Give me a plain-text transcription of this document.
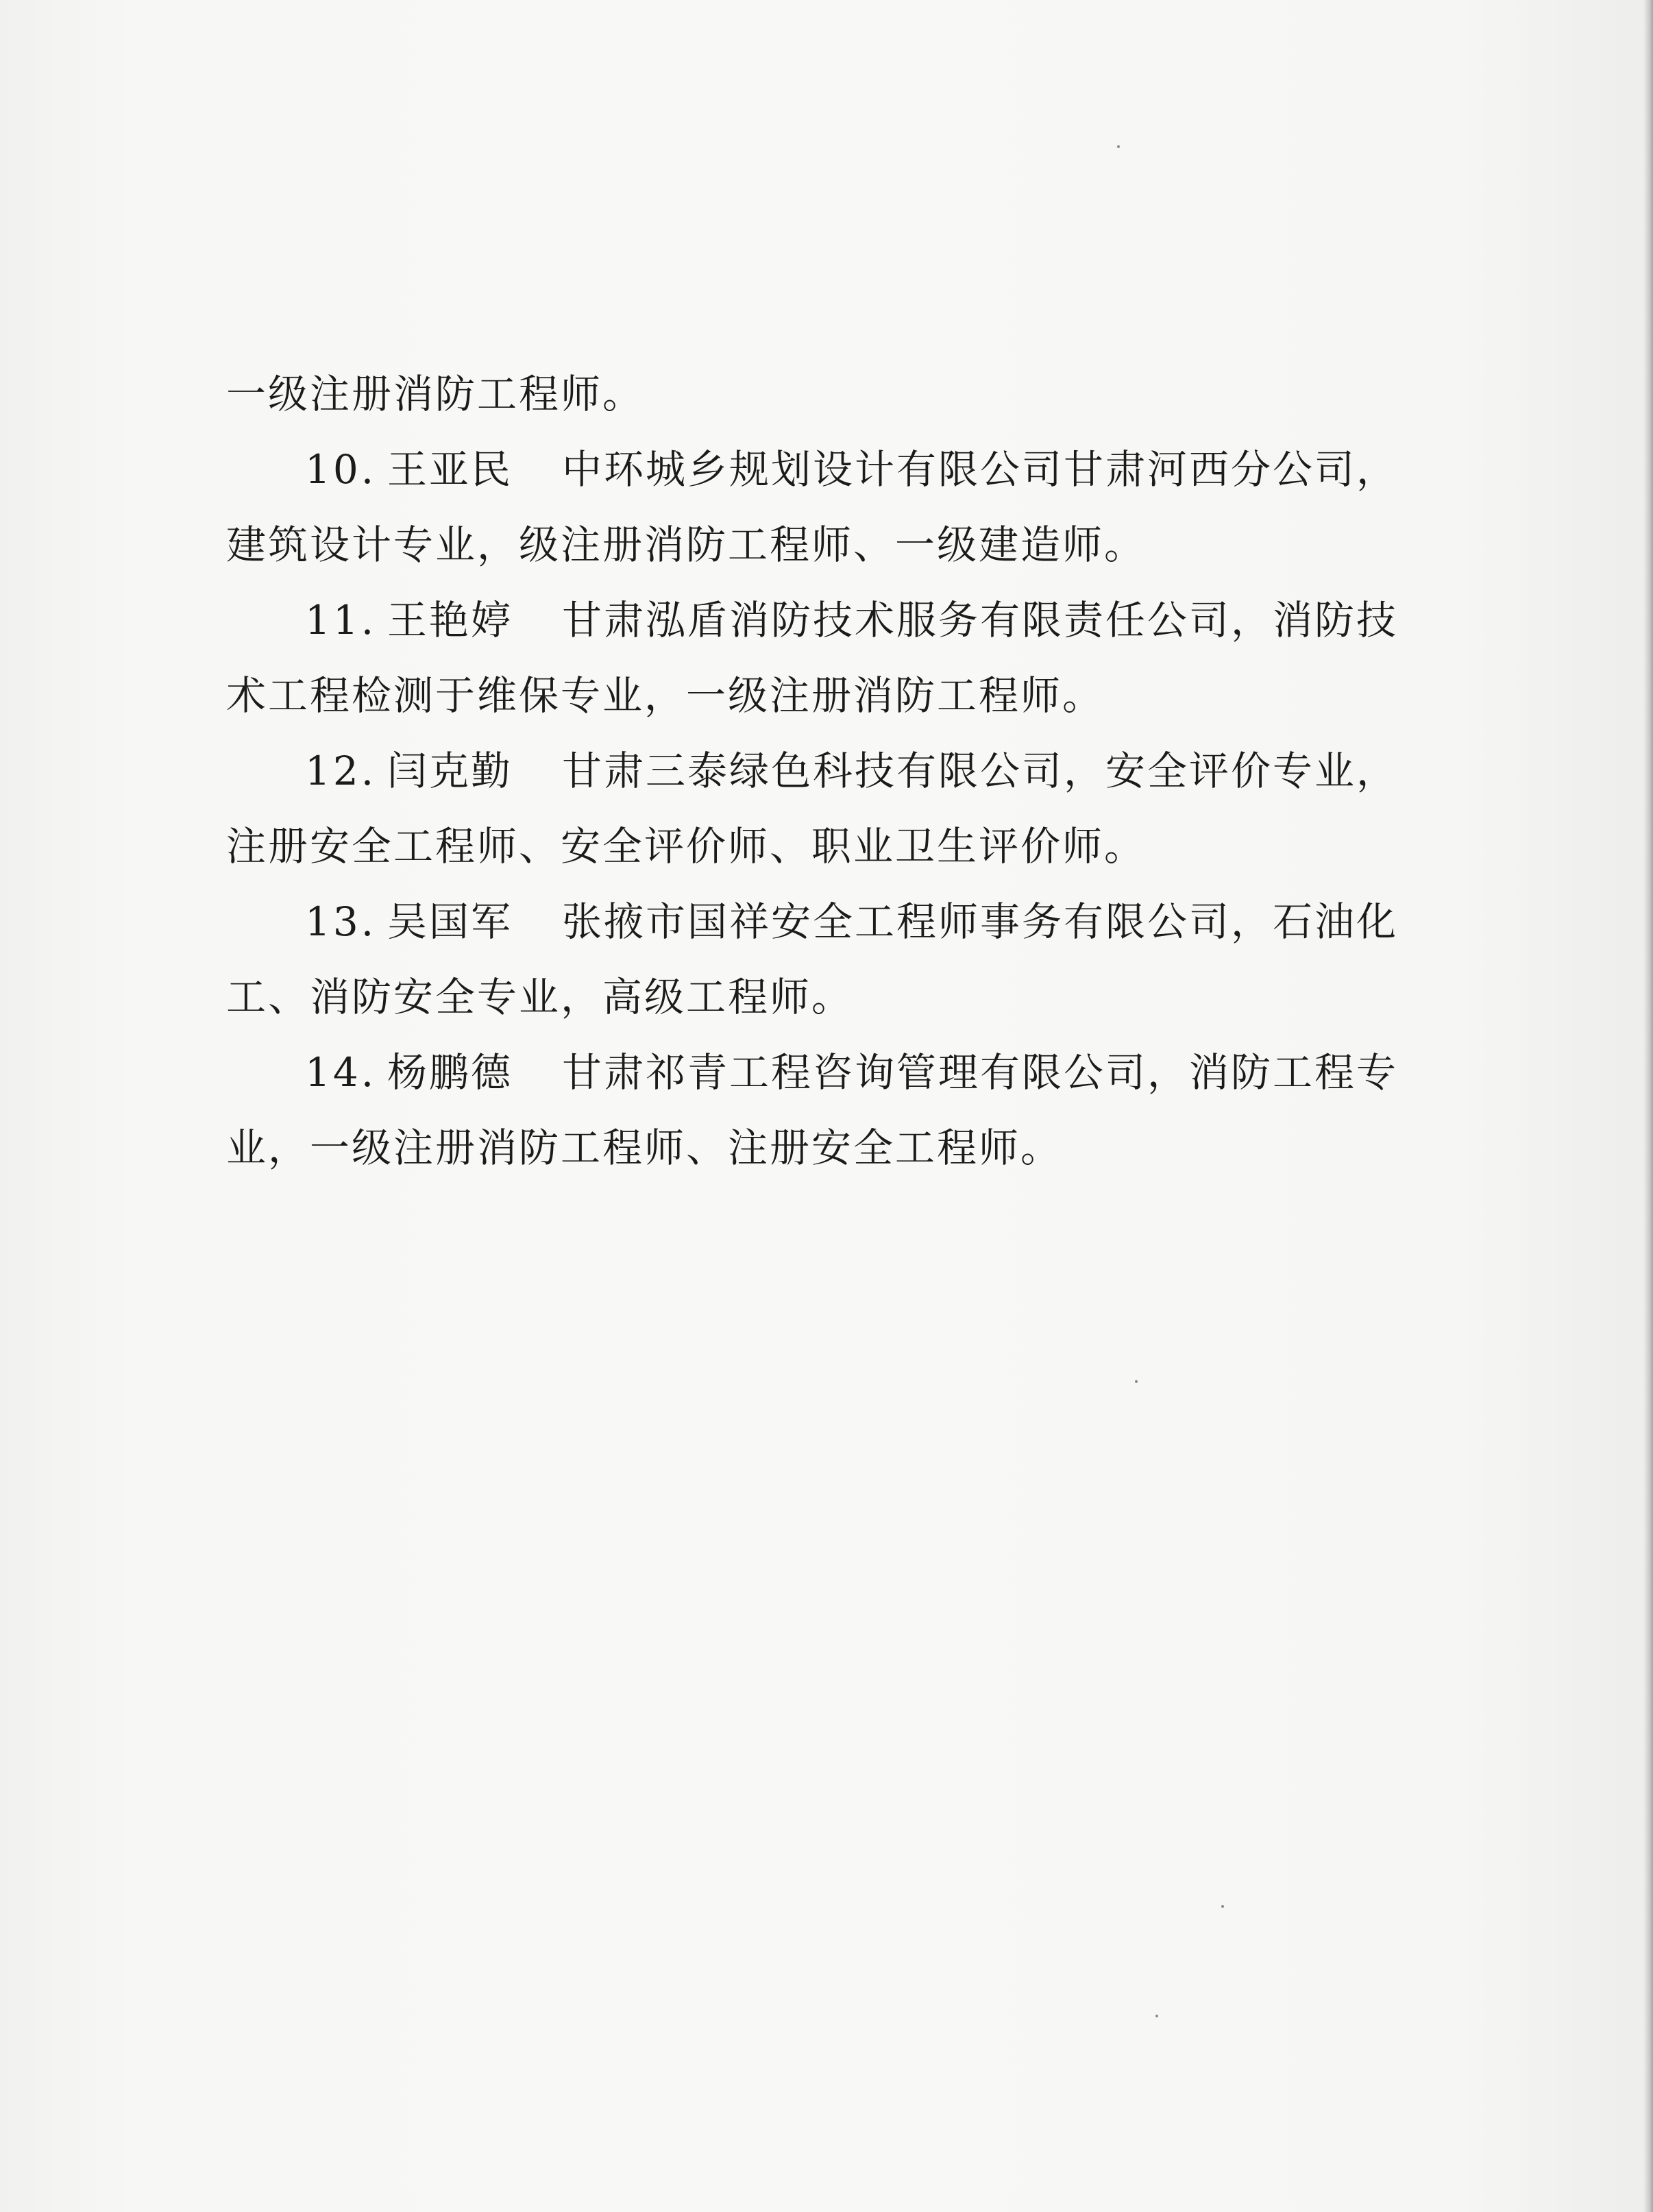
一级注册消防工程师。
10. 王亚民 中环城乡规划设计有限公司甘肃河西分公司，
建筑设计专业，级注册消防工程师、一级建造师。
11. 王艳婷 甘肃泓盾消防技术服务有限责任公司，消防技
术工程检测于维保专业，一级注册消防工程师。
12. 闫克勤 甘肃三泰绿色科技有限公司，安全评价专业，
注册安全工程师、安全评价师、职业卫生评价师。
13. 吴国军 张掖市国祥安全工程师事务有限公司，石油化
工、消防安全专业，高级工程师。
14. 杨鹏德 甘肃祁青工程咨询管理有限公司，消防工程专
业，一级注册消防工程师、注册安全工程师。
